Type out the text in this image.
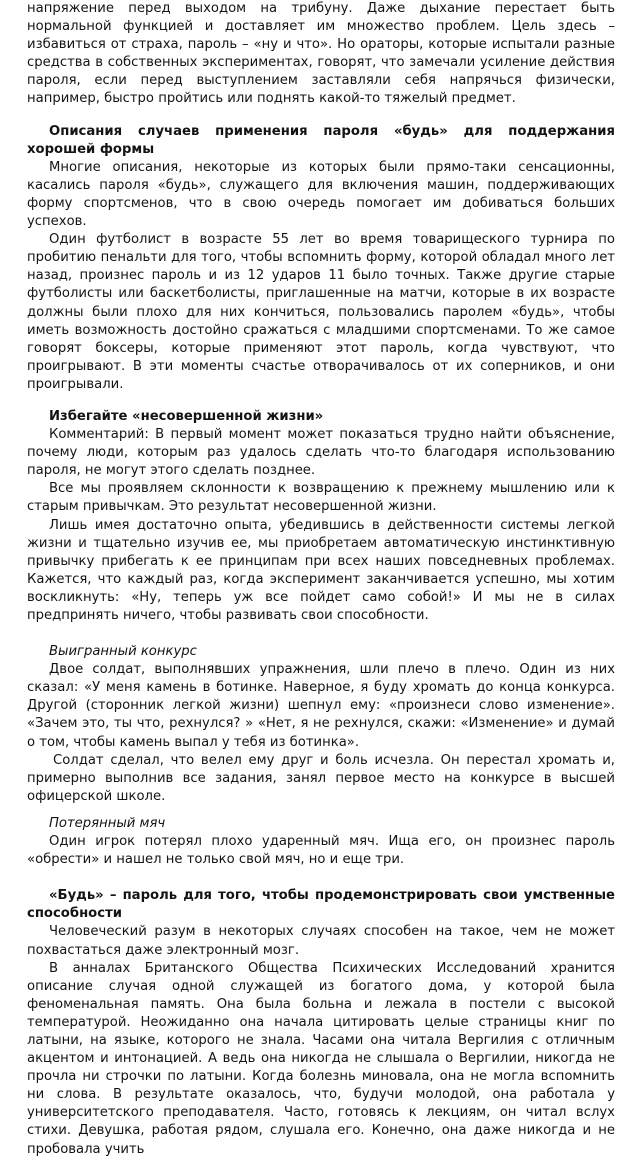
напряжение перед выходом на трибуну. Даже дыхание перестает быть нормальной функцией и доставляет им множество проблем. Цель здесь – избавиться от страха, пароль – «ну и что». Но ораторы, которые испытали разные средства в собственных экспериментах, говорят, что замечали усиление действия пароля, если перед выступлением заставляли себя напрячься физически, например, быстро пройтись или поднять какой-то тяжелый предмет.

Описания случаев применения пароля «будь» для поддержания хорошей формы

Многие описания, некоторые из которых были прямо-таки сенсационны, касались пароля «будь», служащего для включения машин, поддерживающих форму спортсменов, что в свою очередь помогает им добиваться больших успехов.

Один футболист в возрасте 55 лет во время товарищеского турнира по пробитию пенальти для того, чтобы вспомнить форму, которой обладал много лет назад, произнес пароль и из 12 ударов 11 было точных. Также другие старые футболисты или баскетболисты, приглашенные на матчи, которые в их возрасте должны были плохо для них кончиться, пользовались паролем «будь», чтобы иметь возможность достойно сражаться с младшими спортсменами. То же самое говорят боксеры, которые применяют этот пароль, когда чувствуют, что проигрывают. В эти моменты счастье отворачивалось от их соперников, и они проигрывали.

Избегайте «несовершенной жизни»

Комментарий: В первый момент может показаться трудно найти объяснение, почему люди, которым раз удалось сделать что-то благодаря использованию пароля, не могут этого сделать позднее.

Все мы проявляем склонности к возвращению к прежнему мышлению или к старым привычкам. Это результат несовершенной жизни.

Лишь имея достаточно опыта, убедившись в действенности системы легкой жизни и тщательно изучив ее, мы приобретаем автоматическую инстинктивную привычку прибегать к ее принципам при всех наших повседневных проблемах. Кажется, что каждый раз, когда эксперимент заканчивается успешно, мы хотим воскликнуть: «Ну, теперь уж все пойдет само собой!» И мы не в силах предпринять ничего, чтобы развивать свои способности.

Выигранный конкурс

Двое солдат, выполнявших упражнения, шли плечо в плечо. Один из них сказал: «У меня камень в ботинке. Наверное, я буду хромать до конца конкурса. Другой (сторонник легкой жизни) шепнул ему: «произнеси слово изменение». «Зачем это, ты что, рехнулся? » «Нет, я не рехнулся, скажи: «Изменение» и думай о том, чтобы камень выпал у тебя из ботинка».

Солдат сделал, что велел ему друг и боль исчезла. Он перестал хромать и, примерно выполнив все задания, занял первое место на конкурсе в высшей офицерской школе.

Потерянный мяч

Один игрок потерял плохо ударенный мяч. Ища его, он произнес пароль «обрести» и нашел не только свой мяч, но и еще три.

«Будь» – пароль для того, чтобы продемонстрировать свои умственные способности

Человеческий разум в некоторых случаях способен на такое, чем не может похвастаться даже электронный мозг.

В анналах Британского Общества Психических Исследований хранится описание случая одной служащей из богатого дома, у которой была феноменальная память. Она была больна и лежала в постели с высокой температурой. Неожиданно она начала цитировать целые страницы книг по латыни, на языке, которого не знала. Часами она читала Вергилия с отличным акцентом и интонацией. А ведь она никогда не слышала о Вергилии, никогда не прочла ни строчки по латыни. Когда болезнь миновала, она не могла вспомнить ни слова. В результате оказалось, что, будучи молодой, она работала у университетского преподавателя. Часто, готовясь к лекциям, он читал вслух стихи. Девушка, работая рядом, слушала его. Конечно, она даже никогда и не пробовала учить
